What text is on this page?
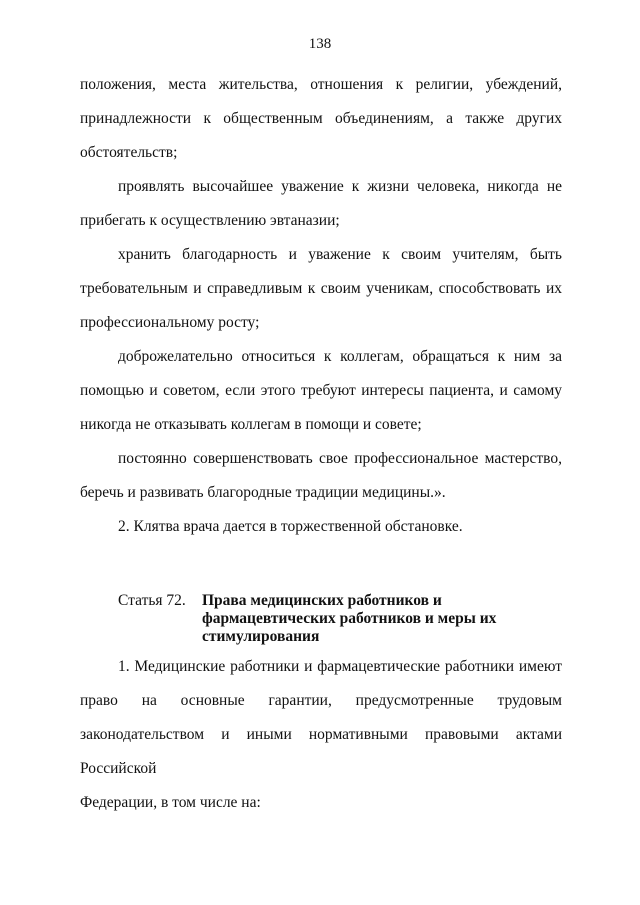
138

положения, места жительства, отношения к религии, убеждений, принадлежности к общественным объединениям, а также других обстоятельств;

проявлять высочайшее уважение к жизни человека, никогда не прибегать к осуществлению эвтаназии;

хранить благодарность и уважение к своим учителям, быть требовательным и справедливым к своим ученикам, способствовать их профессиональному росту;

доброжелательно относиться к коллегам, обращаться к ним за помощью и советом, если этого требуют интересы пациента, и самому никогда не отказывать коллегам в помощи и совете;

постоянно совершенствовать свое профессиональное мастерство, беречь и развивать благородные традиции медицины.».

2. Клятва врача дается в торжественной обстановке.

Статья 72.	Права медицинских работников и фармацевтических работников и меры их стимулирования

1. Медицинские работники и фармацевтические работники имеют

право на основные гарантии, предусмотренные трудовым

законодательством и иными нормативными правовыми актами Российской

Федерации, в том числе на:
